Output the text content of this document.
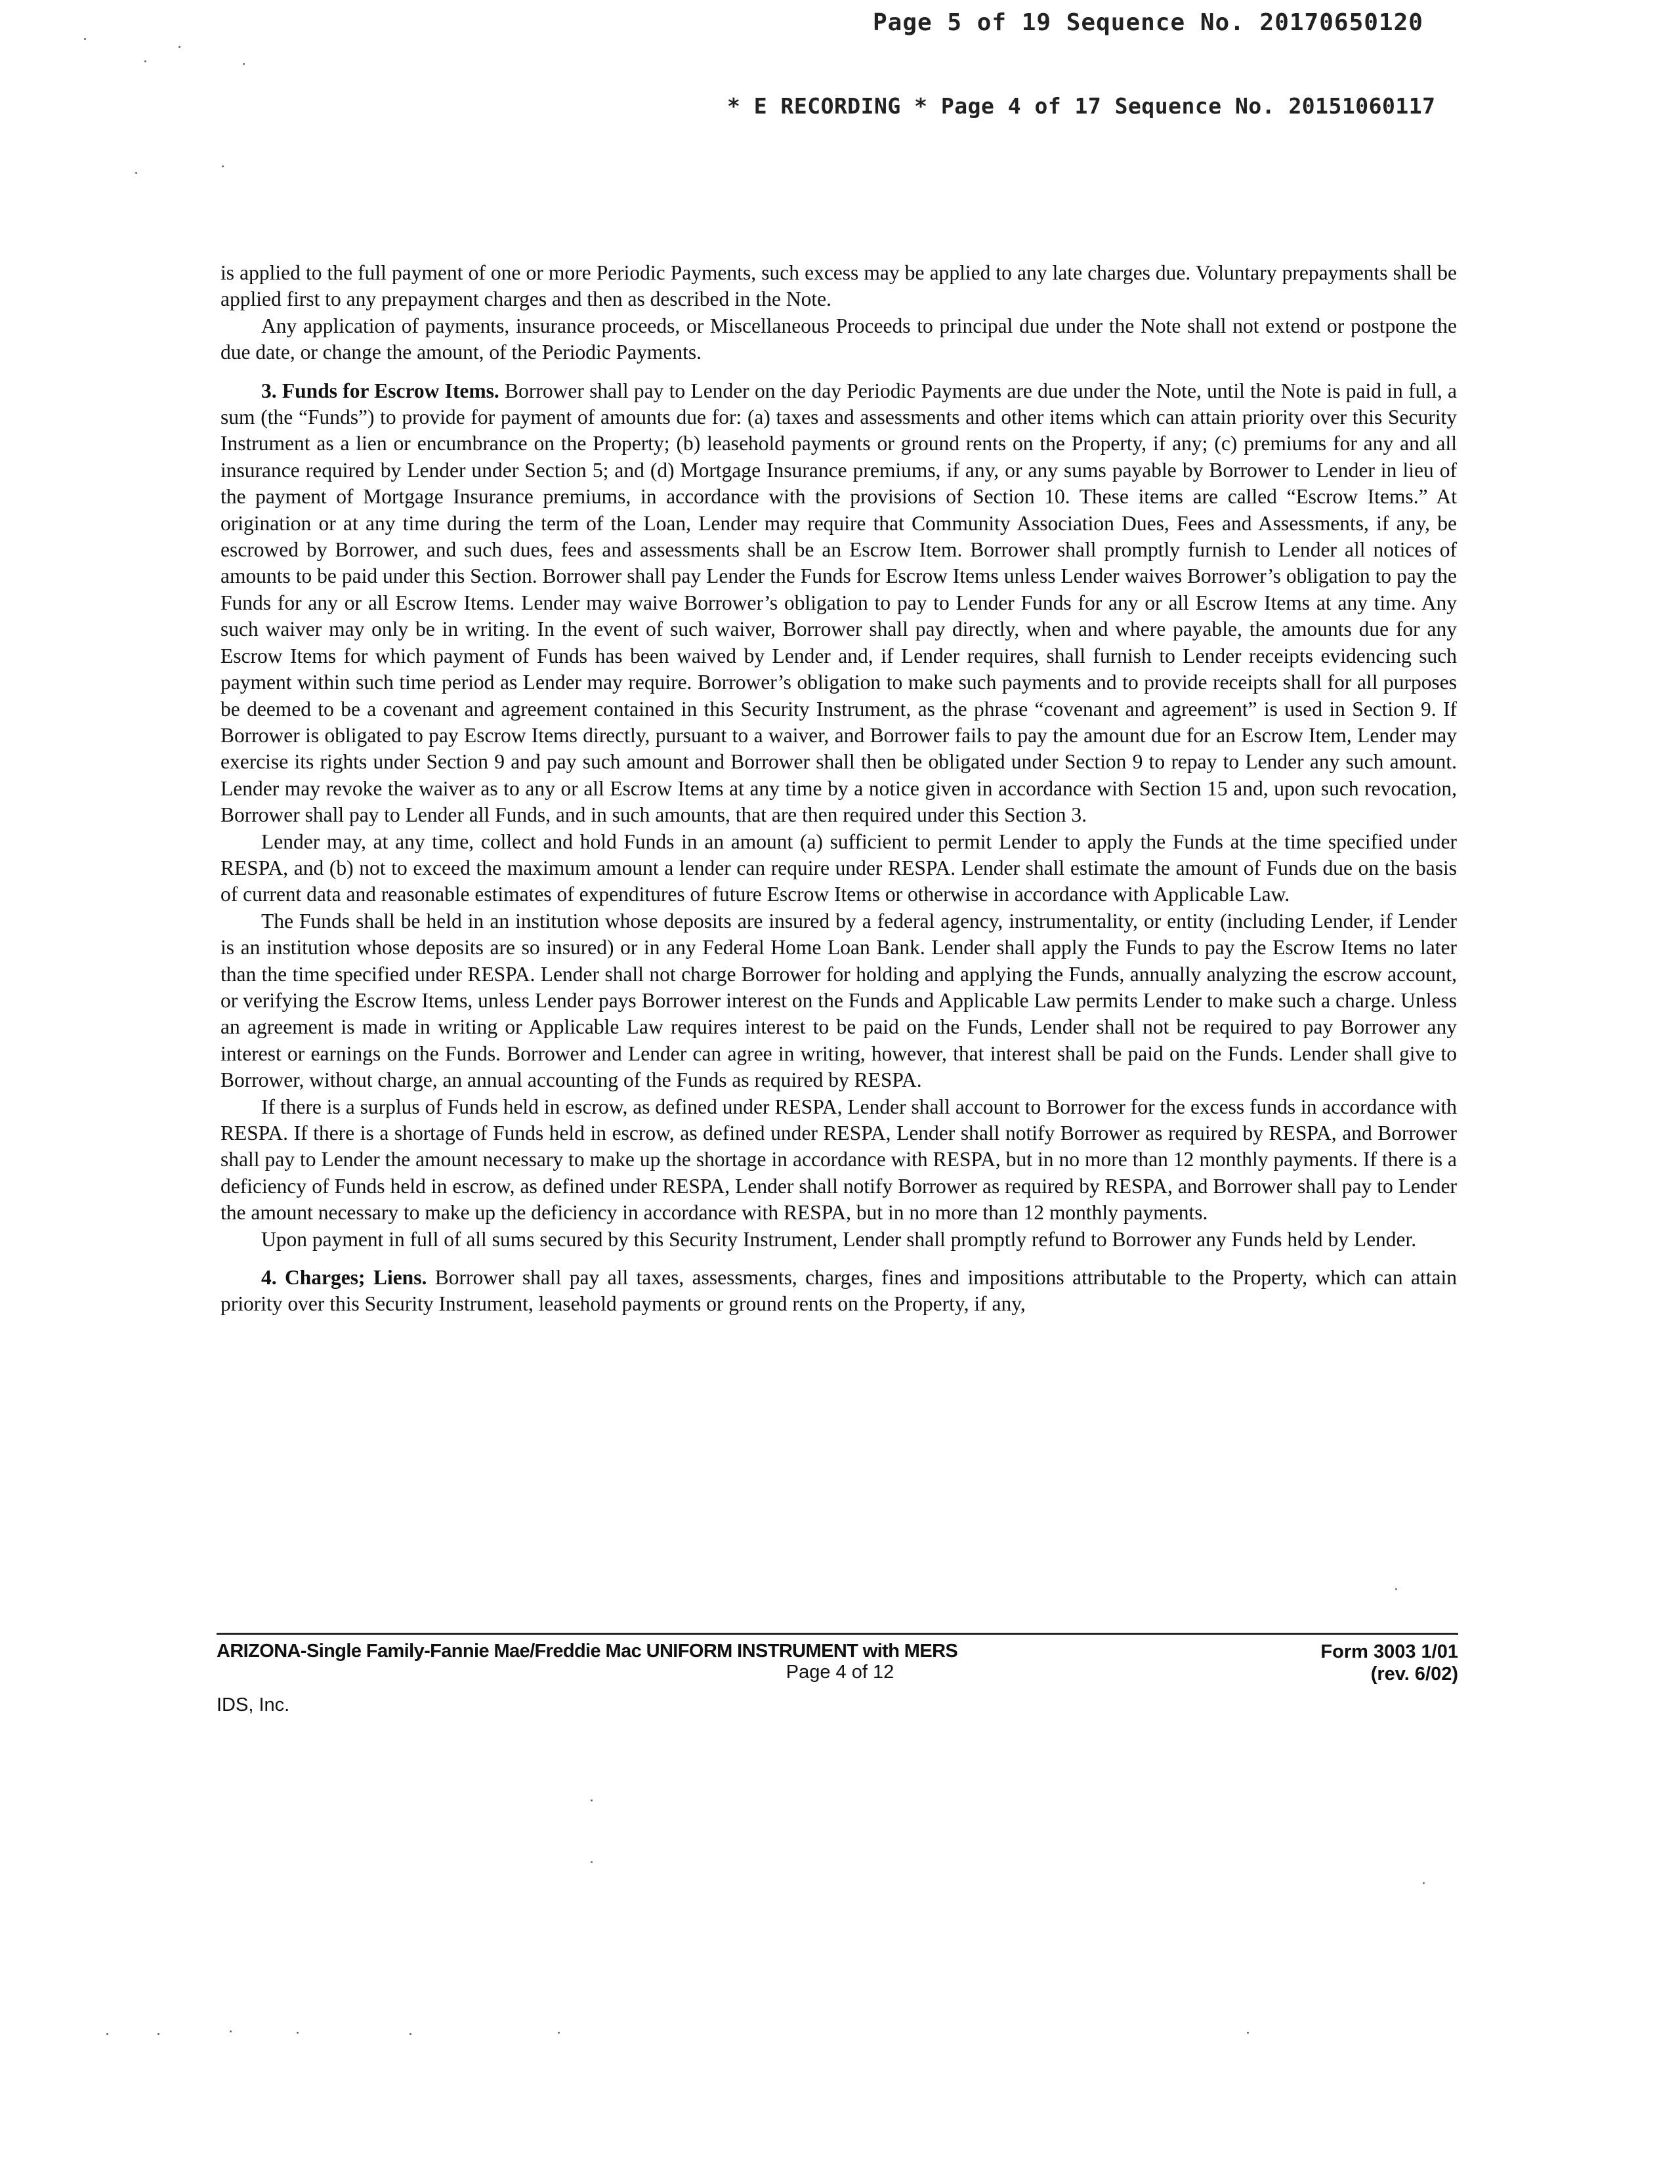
Page 5 of 19 Sequence No. 20170650120
* E RECORDING * Page 4 of 17 Sequence No. 20151060117

is applied to the full payment of one or more Periodic Payments, such excess may be applied to any late charges due. Voluntary prepayments shall be applied first to any prepayment charges and then as described in the Note.

Any application of payments, insurance proceeds, or Miscellaneous Proceeds to principal due under the Note shall not extend or postpone the due date, or change the amount, of the Periodic Payments.

3. Funds for Escrow Items. Borrower shall pay to Lender on the day Periodic Payments are due under the Note, until the Note is paid in full, a sum (the “Funds”) to provide for payment of amounts due for: (a) taxes and assessments and other items which can attain priority over this Security Instrument as a lien or encumbrance on the Property; (b) leasehold payments or ground rents on the Property, if any; (c) premiums for any and all insurance required by Lender under Section 5; and (d) Mortgage Insurance premiums, if any, or any sums payable by Borrower to Lender in lieu of the payment of Mortgage Insurance premiums, in accordance with the provisions of Section 10. These items are called “Escrow Items.” At origination or at any time during the term of the Loan, Lender may require that Community Association Dues, Fees and Assessments, if any, be escrowed by Borrower, and such dues, fees and assessments shall be an Escrow Item. Borrower shall promptly furnish to Lender all notices of amounts to be paid under this Section. Borrower shall pay Lender the Funds for Escrow Items unless Lender waives Borrower’s obligation to pay the Funds for any or all Escrow Items. Lender may waive Borrower’s obligation to pay to Lender Funds for any or all Escrow Items at any time. Any such waiver may only be in writing. In the event of such waiver, Borrower shall pay directly, when and where payable, the amounts due for any Escrow Items for which payment of Funds has been waived by Lender and, if Lender requires, shall furnish to Lender receipts evidencing such payment within such time period as Lender may require. Borrower’s obligation to make such payments and to provide receipts shall for all purposes be deemed to be a covenant and agreement contained in this Security Instrument, as the phrase “covenant and agreement” is used in Section 9. If Borrower is obligated to pay Escrow Items directly, pursuant to a waiver, and Borrower fails to pay the amount due for an Escrow Item, Lender may exercise its rights under Section 9 and pay such amount and Borrower shall then be obligated under Section 9 to repay to Lender any such amount. Lender may revoke the waiver as to any or all Escrow Items at any time by a notice given in accordance with Section 15 and, upon such revocation, Borrower shall pay to Lender all Funds, and in such amounts, that are then required under this Section 3.

Lender may, at any time, collect and hold Funds in an amount (a) sufficient to permit Lender to apply the Funds at the time specified under RESPA, and (b) not to exceed the maximum amount a lender can require under RESPA. Lender shall estimate the amount of Funds due on the basis of current data and reasonable estimates of expenditures of future Escrow Items or otherwise in accordance with Applicable Law.

The Funds shall be held in an institution whose deposits are insured by a federal agency, instrumentality, or entity (including Lender, if Lender is an institution whose deposits are so insured) or in any Federal Home Loan Bank. Lender shall apply the Funds to pay the Escrow Items no later than the time specified under RESPA. Lender shall not charge Borrower for holding and applying the Funds, annually analyzing the escrow account, or verifying the Escrow Items, unless Lender pays Borrower interest on the Funds and Applicable Law permits Lender to make such a charge. Unless an agreement is made in writing or Applicable Law requires interest to be paid on the Funds, Lender shall not be required to pay Borrower any interest or earnings on the Funds. Borrower and Lender can agree in writing, however, that interest shall be paid on the Funds. Lender shall give to Borrower, without charge, an annual accounting of the Funds as required by RESPA.

If there is a surplus of Funds held in escrow, as defined under RESPA, Lender shall account to Borrower for the excess funds in accordance with RESPA. If there is a shortage of Funds held in escrow, as defined under RESPA, Lender shall notify Borrower as required by RESPA, and Borrower shall pay to Lender the amount necessary to make up the shortage in accordance with RESPA, but in no more than 12 monthly payments. If there is a deficiency of Funds held in escrow, as defined under RESPA, Lender shall notify Borrower as required by RESPA, and Borrower shall pay to Lender the amount necessary to make up the deficiency in accordance with RESPA, but in no more than 12 monthly payments.

Upon payment in full of all sums secured by this Security Instrument, Lender shall promptly refund to Borrower any Funds held by Lender.

4. Charges; Liens. Borrower shall pay all taxes, assessments, charges, fines and impositions attributable to the Property, which can attain priority over this Security Instrument, leasehold payments or ground rents on the Property, if any,

ARIZONA-Single Family-Fannie Mae/Freddie Mac UNIFORM INSTRUMENT with MERS
Page 4 of 12
Form 3003 1/01
(rev. 6/02)
IDS, Inc.
